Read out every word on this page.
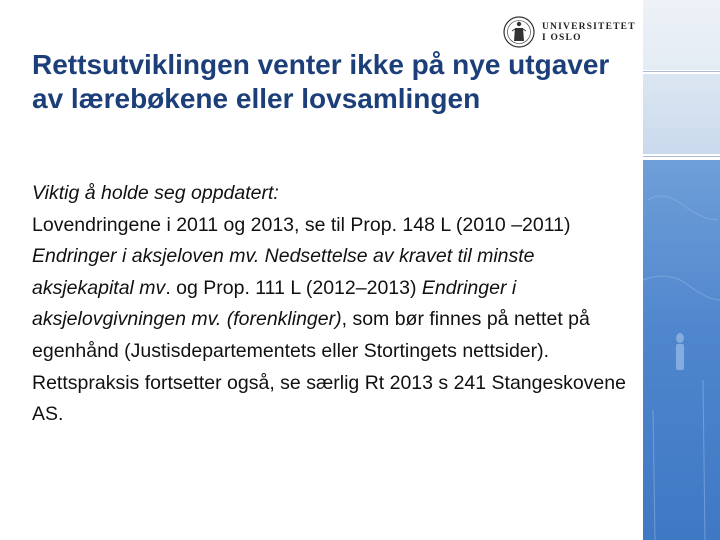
UNIVERSITETET
I OSLO
Rettsutviklingen venter ikke på nye utgaver av lærebøkene eller lovsamlingen

Viktig å holde seg oppdatert:

Lovendringene i 2011 og 2013, se til Prop. 148 L (2010 –2011) Endringer i aksjeloven mv. Nedsettelse av kravet til minste aksjekapital mv. og Prop. 111 L (2012–2013) Endringer i aksjelovgivningen mv. (forenklinger), som bør finnes på nettet på egenhånd (Justisdepartementets eller Stortingets nettsider).

Rettspraksis fortsetter også, se særlig Rt 2013 s 241 Stangeskovene AS.
